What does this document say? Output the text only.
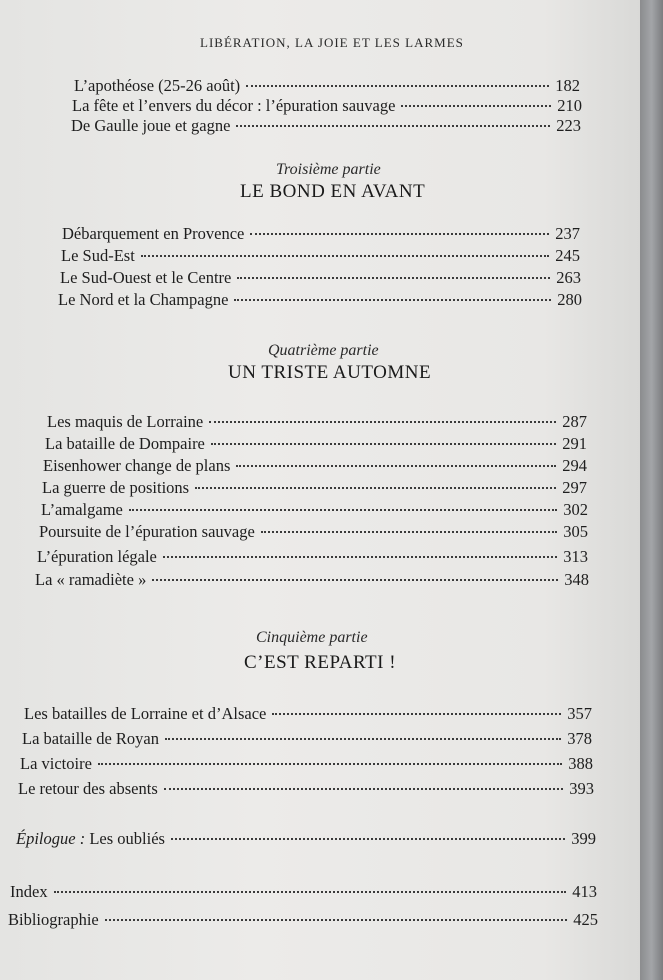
LIBÉRATION, LA JOIE ET LES LARMES
L’apothéose (25-26 août)	182
La fête et l’envers du décor : l’épuration sauvage	210
De Gaulle joue et gagne	223
Troisième partie
LE BOND EN AVANT
Débarquement en Provence	237
Le Sud-Est	245
Le Sud-Ouest et le Centre	263
Le Nord et la Champagne	280
Quatrième partie
UN TRISTE AUTOMNE
Les maquis de Lorraine	287
La bataille de Dompaire	291
Eisenhower change de plans	294
La guerre de positions	297
L’amalgame	302
Poursuite de l’épuration sauvage	305
L’épuration légale	313
La « ramadiète »	348
Cinquième partie
C’EST REPARTI !
Les batailles de Lorraine et d’Alsace	357
La bataille de Royan	378
La victoire	388
Le retour des absents	393
Épilogue : Les oubliés	399
Index	413
Bibliographie	425
